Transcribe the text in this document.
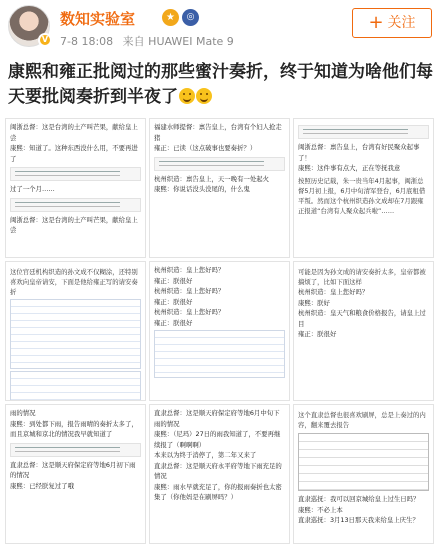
V
数知实验室	★	◎
7-8 18:08 来自 HUAWEI Mate 9
+ 关注
康熙和雍正批阅过的那些蜜汁奏折，终于知道为啥他们每天要批阅奏折到半夜了
闽浙总督：这是台湾的土产叫芒果，献给皇上尝
康熙：知道了。这种东西没什么用，不要再进了
过了一个月……
闽浙总督：这是台湾的土产叫芒果，献给皇上尝
福建水师提督：禀告皇上，台湾有个妇人抢走猪
雍正：已读（这点破事也要奏折？）
杭州织造：禀告皇上，天一晚有一处起火
康熙：你说话没头没尾的，什么鬼
闽浙总督：禀告皇上，台湾有好民聚众起事了！
康熙：这件事有点大，正在等抚我意
按照历史记载，朱一贵当年4月起事，闽浙总督5月初上报，6月中旬清军登台，6月底租借平叛。然而这个杭州织造孙文成却在7月跟雍正报道“台湾有人聚众起兵啦”……
这位官廷机构织造的孙文成不仅糊涂，还特别喜欢向皇帝请安，下面是他给雍正写的请安奏折
杭州织造：皇上您好吗？
雍正：朕很好
杭州织造：皇上您好吗？
雍正：朕很好
杭州织造：皇上您好吗？
雍正：朕很好
可能是因为孙文成的请安奏折太多，皇帝都被搞烦了，比如下面这样
杭州织造：皇上您好吗？
康熙：朕好
杭州织造：皇天气和粮食价格报告，请皇上过目
雍正：朕很好
雨的情况
康熙：到处都下雨，报告雨晴的奏折太多了，而且京城和京北的情况我早就知道了
直隶总督：这是顺天府保定府等地6月初下雨的情况
康熙：已经朕复过了哦
直隶总督：这是顺天府保定府等地6月中旬下雨的情况
康熙：（尼玛）27日的雨我知道了，不要再继续报了（啊啊啊）
本来以为终于消停了，第二年又来了
直隶总督：这是顺天府永平府等地下雨充足的情况
康熙：雨水早就充足了，你的报雨奏折也太密集了（你他妈是在刷屏吗？）
这个直隶总督也很喜欢刷屏，总是上奏过的内容，翻来覆去报告
直隶巡抚：我可以回京城给皇上过生日吗？
康熙：不必上本
直隶巡抚：3月13日那天我来给皇上庆生？
